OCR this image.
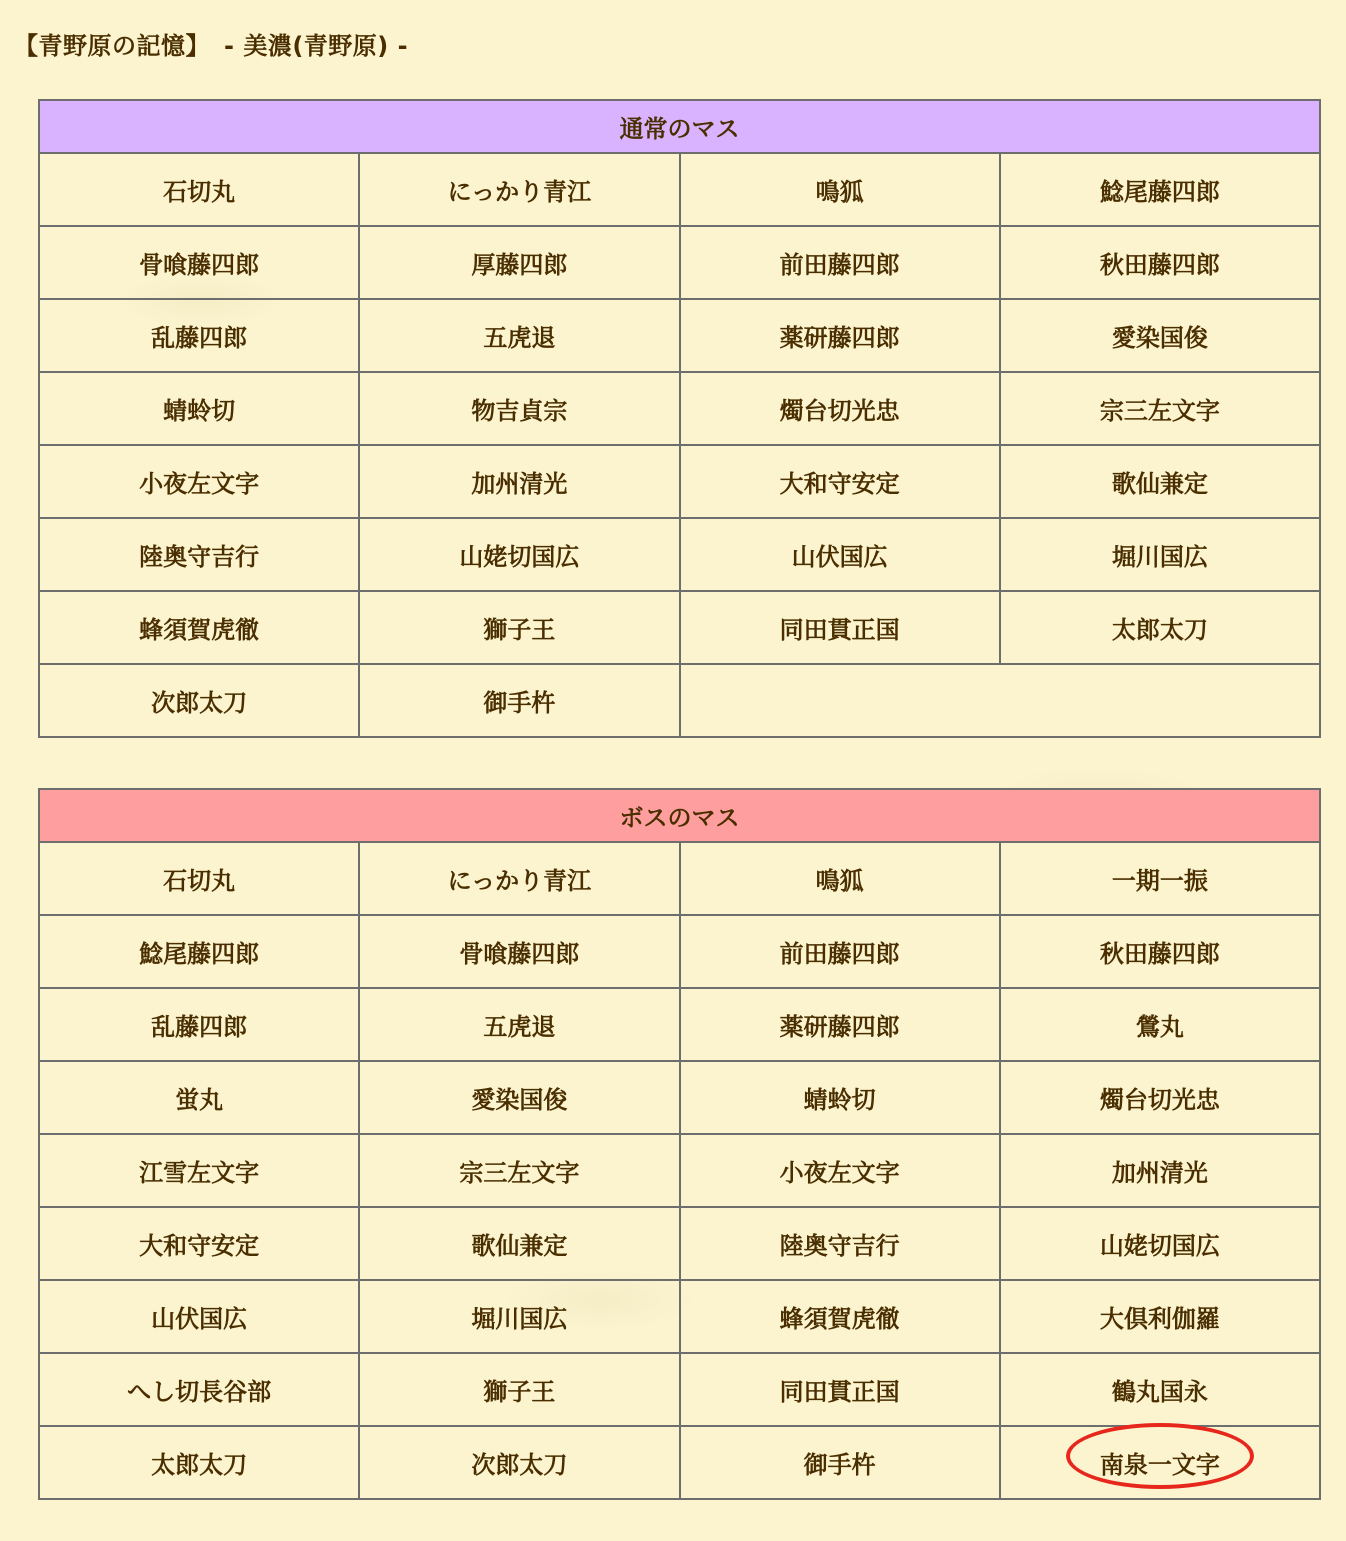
【青野原の記憶】 - 美濃(青野原) -
通常のマス			
石切丸	にっかり青江	鳴狐	鯰尾藤四郎
骨喰藤四郎	厚藤四郎	前田藤四郎	秋田藤四郎
乱藤四郎	五虎退	薬研藤四郎	愛染国俊
蜻蛉切	物吉貞宗	燭台切光忠	宗三左文字
小夜左文字	加州清光	大和守安定	歌仙兼定
陸奥守吉行	山姥切国広	山伏国広	堀川国広
蜂須賀虎徹	獅子王	同田貫正国	太郎太刀
次郎太刀	御手杵		
ボスのマス			
石切丸	にっかり青江	鳴狐	一期一振
鯰尾藤四郎	骨喰藤四郎	前田藤四郎	秋田藤四郎
乱藤四郎	五虎退	薬研藤四郎	鶯丸
蛍丸	愛染国俊	蜻蛉切	燭台切光忠
江雪左文字	宗三左文字	小夜左文字	加州清光
大和守安定	歌仙兼定	陸奥守吉行	山姥切国広
山伏国広	堀川国広	蜂須賀虎徹	大倶利伽羅
へし切長谷部	獅子王	同田貫正国	鶴丸国永
太郎太刀	次郎太刀	御手杵	南泉一文字
